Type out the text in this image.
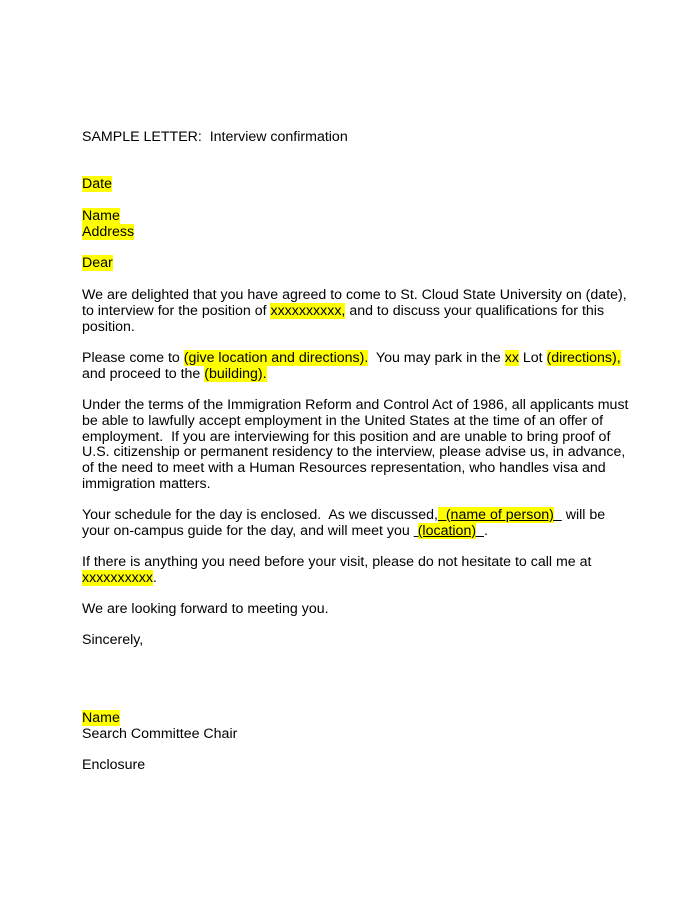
SAMPLE LETTER:  Interview confirmation
Date
Name
Address
Dear
We are delighted that you have agreed to come to St. Cloud State University on (date),
to interview for the position of xxxxxxxxxx, and to discuss your qualifications for this
position.
Please come to (give location and directions).  You may park in the xx Lot (directions),
and proceed to the (building).
Under the terms of the Immigration Reform and Control Act of 1986, all applicants must
be able to lawfully accept employment in the United States at the time of an offer of
employment.  If you are interviewing for this position and are unable to bring proof of
U.S. citizenship or permanent residency to the interview, please advise us, in advance,
of the need to meet with a Human Resources representation, who handles visa and
immigration matters.
Your schedule for the day is enclosed.  As we discussed,  (name of person)   will be
your on-campus guide for the day, and will meet you  (location) .
If there is anything you need before your visit, please do not hesitate to call me at
xxxxxxxxxx.
We are looking forward to meeting you.
Sincerely,
Name
Search Committee Chair
Enclosure
